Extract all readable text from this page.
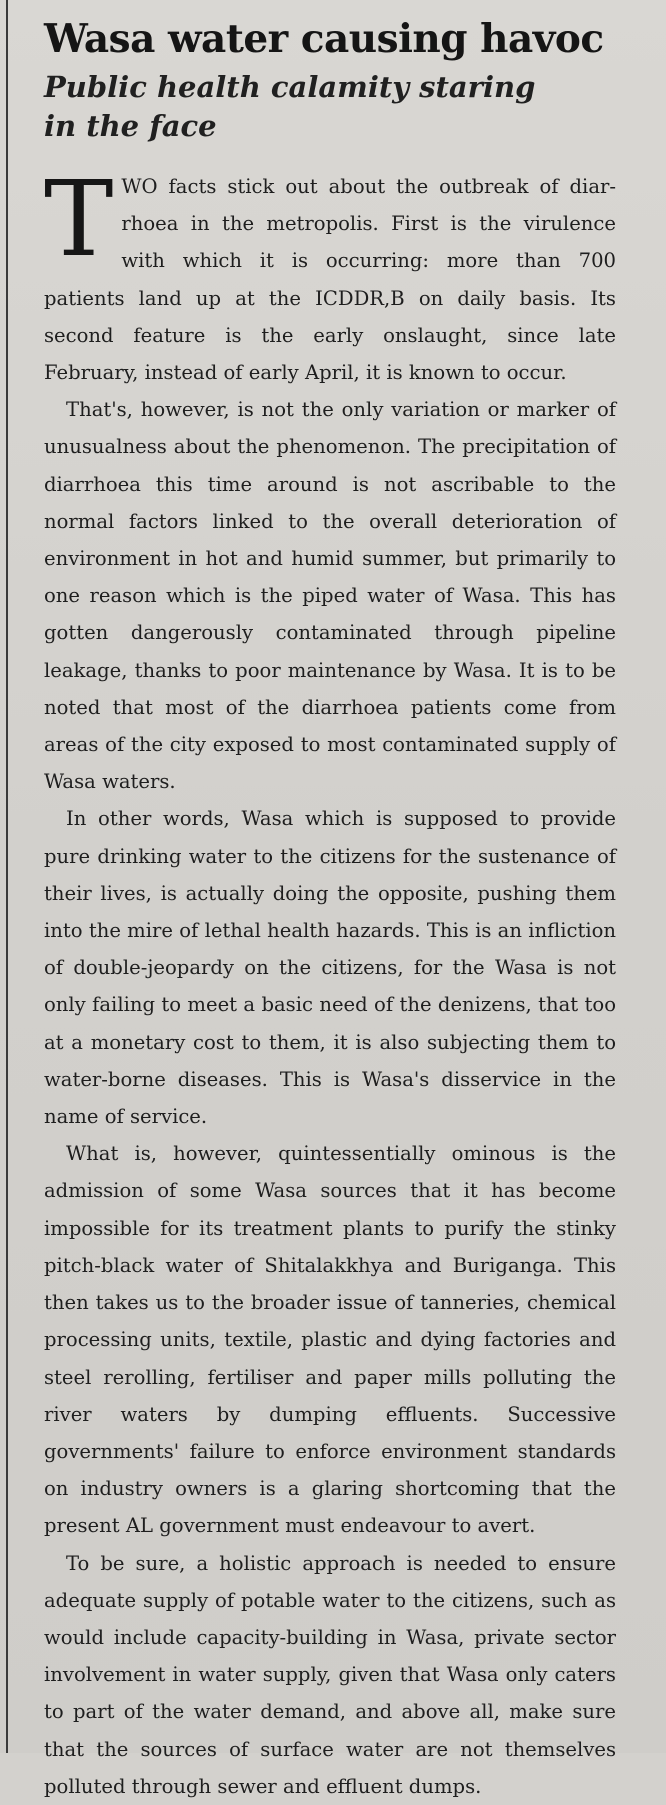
Wasa water causing havoc
Public health calamity staring in the face

TWO facts stick out about the outbreak of diarrhoea in the metropolis. First is the virulence with which it is occurring: more than 700 patients land up at the ICDDR,B on daily basis. Its second feature is the early onslaught, since late February, instead of early April, it is known to occur.

That's, however, is not the only variation or marker of unusualness about the phenomenon. The precipitation of diarrhoea this time around is not ascribable to the normal factors linked to the overall deterioration of environment in hot and humid summer, but primarily to one reason which is the piped water of Wasa. This has gotten dangerously contaminated through pipeline leakage, thanks to poor maintenance by Wasa. It is to be noted that most of the diarrhoea patients come from areas of the city exposed to most contaminated supply of Wasa waters.

In other words, Wasa which is supposed to provide pure drinking water to the citizens for the sustenance of their lives, is actually doing the opposite, pushing them into the mire of lethal health hazards. This is an infliction of double-jeopardy on the citizens, for the Wasa is not only failing to meet a basic need of the denizens, that too at a monetary cost to them, it is also subjecting them to water-borne diseases. This is Wasa's disservice in the name of service.

What is, however, quintessentially ominous is the admission of some Wasa sources that it has become impossible for its treatment plants to purify the stinky pitch-black water of Shitalakkhya and Buriganga. This then takes us to the broader issue of tanneries, chemical processing units, textile, plastic and dying factories and steel rerolling, fertiliser and paper mills polluting the river waters by dumping effluents. Successive governments' failure to enforce environment standards on industry owners is a glaring shortcoming that the present AL government must endeavour to avert.

To be sure, a holistic approach is needed to ensure adequate supply of potable water to the citizens, such as would include capacity-building in Wasa, private sector involvement in water supply, given that Wasa only caters to part of the water demand, and above all, make sure that the sources of surface water are not themselves polluted through sewer and effluent dumps.
